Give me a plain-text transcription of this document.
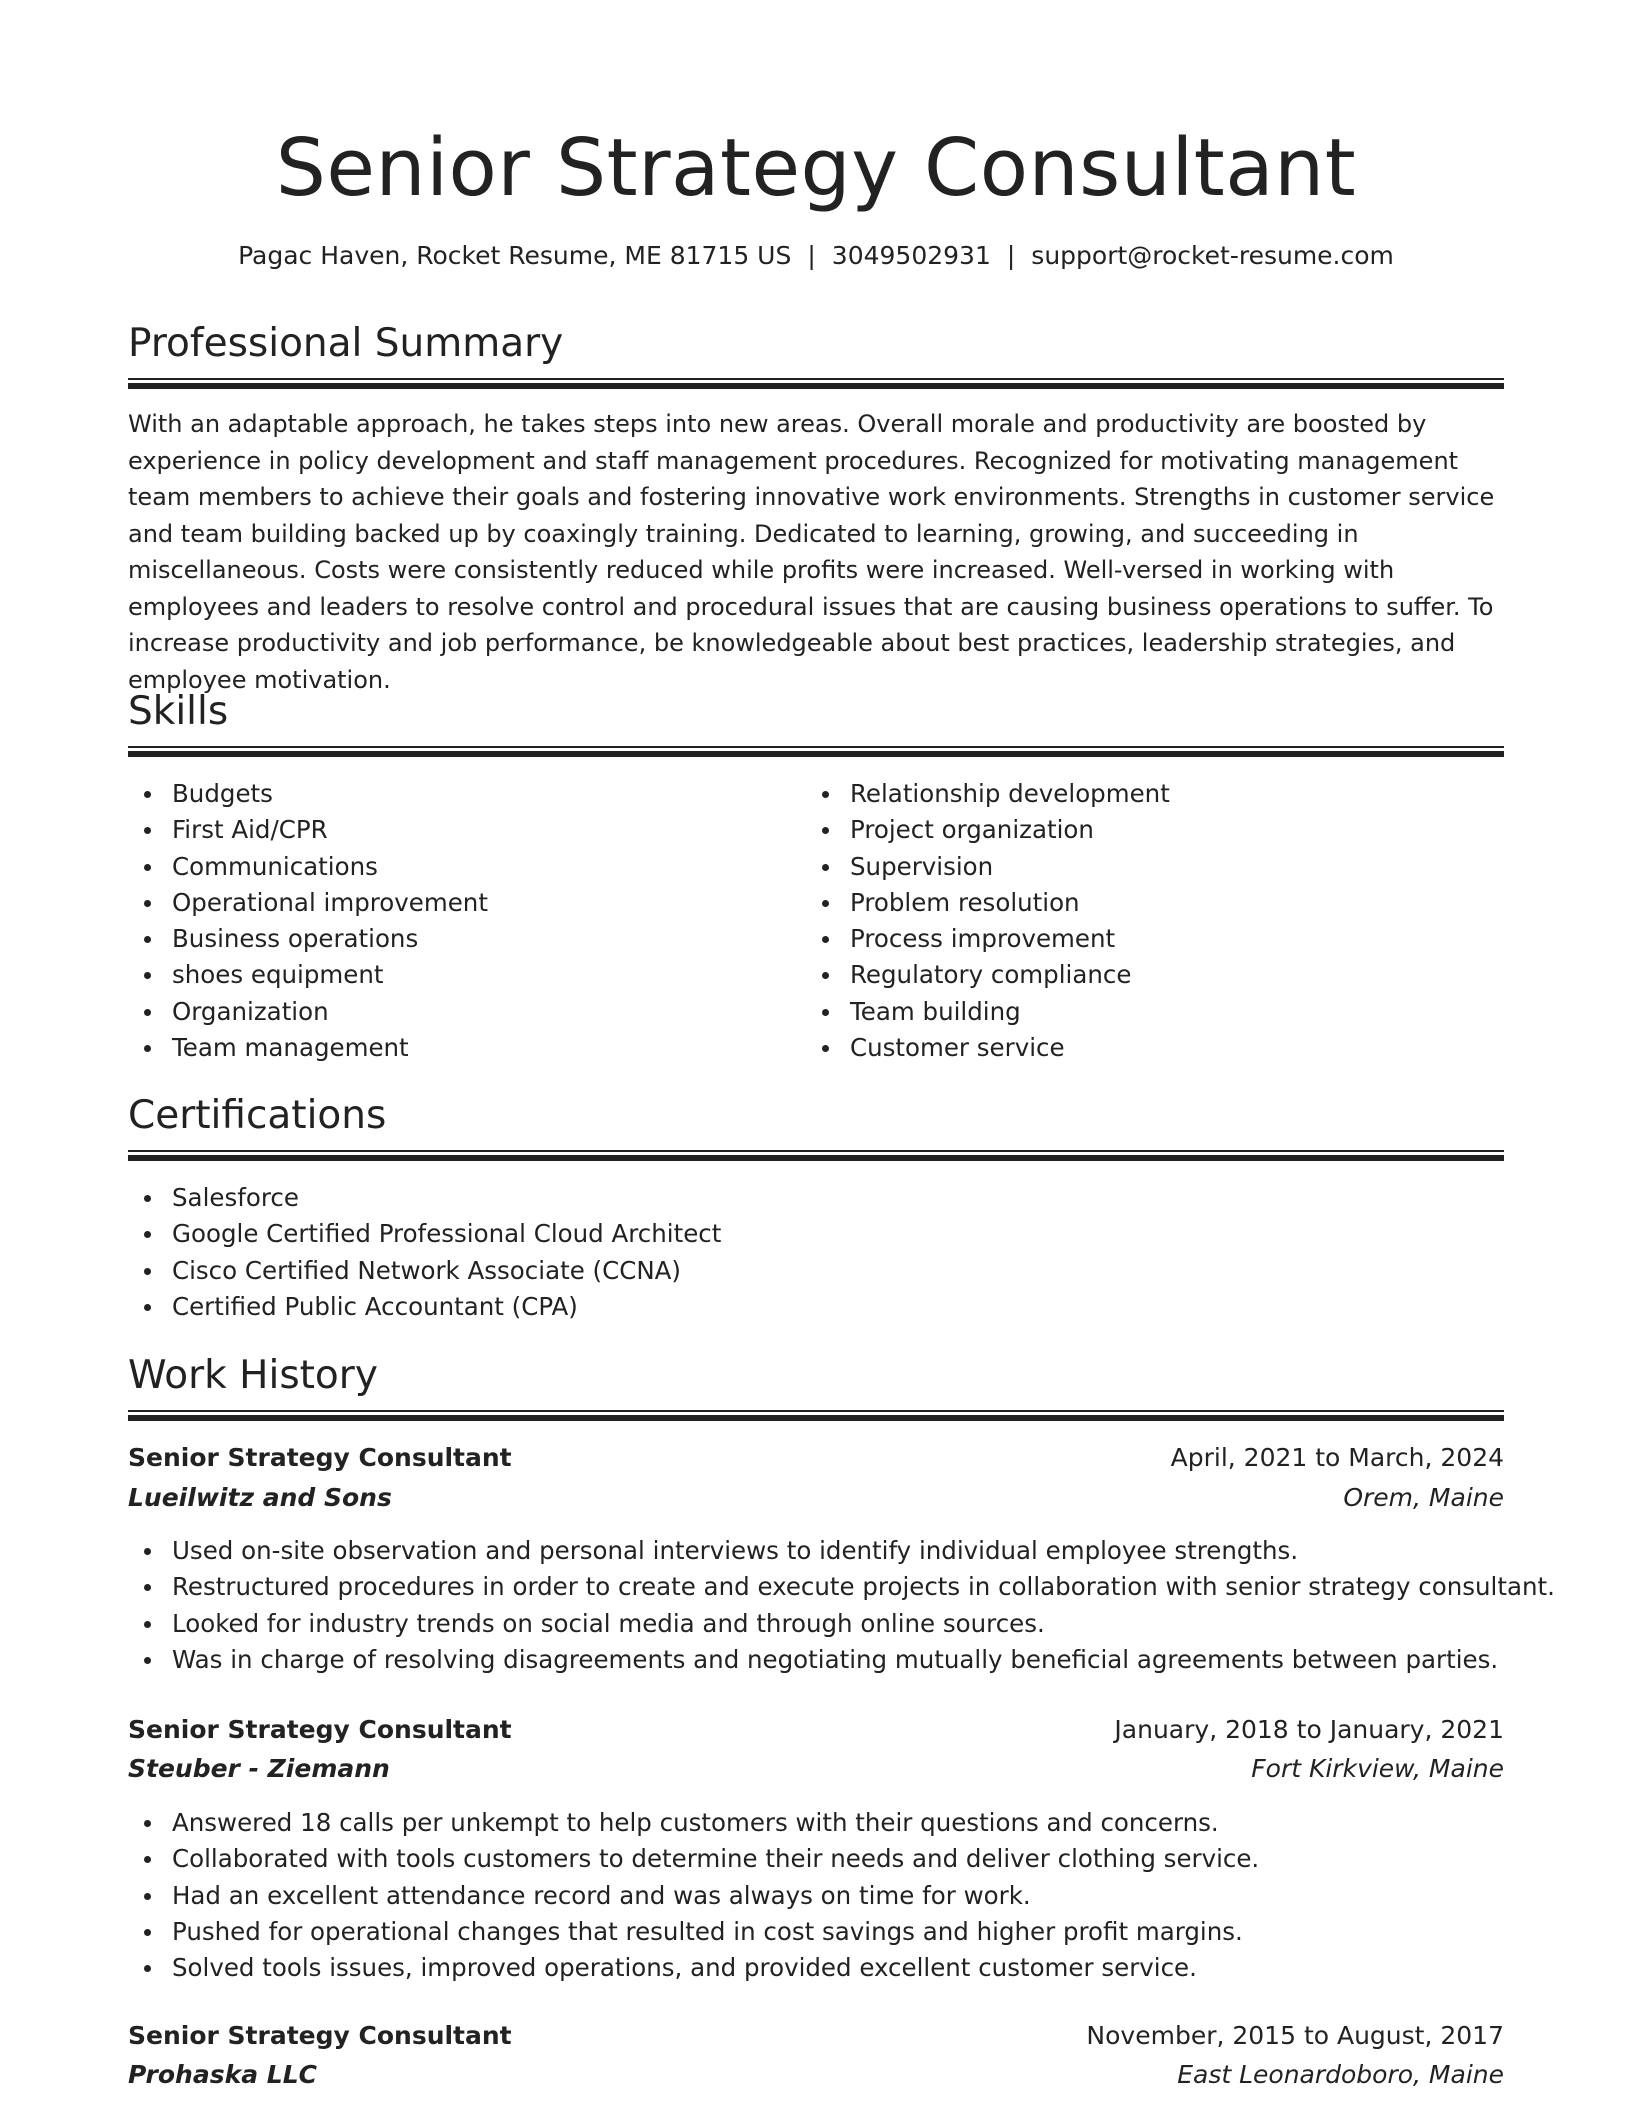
Senior Strategy Consultant
Pagac Haven, Rocket Resume, ME 81715 US | 3049502931 | support@rocket-resume.com
Professional Summary

With an adaptable approach, he takes steps into new areas. Overall morale and productivity are boosted by experience in policy development and staff management procedures. Recognized for motivating management team members to achieve their goals and fostering innovative work environments. Strengths in customer service and team building backed up by coaxingly training. Dedicated to learning, growing, and succeeding in miscellaneous. Costs were consistently reduced while profits were increased. Well-versed in working with employees and leaders to resolve control and procedural issues that are causing business operations to suffer. To increase productivity and job performance, be knowledgeable about best practices, leadership strategies, and employee motivation.

Skills
Budgets
First Aid/CPR
Communications
Operational improvement
Business operations
shoes equipment
Organization
Team management
Relationship development
Project organization
Supervision
Problem resolution
Process improvement
Regulatory compliance
Team building
Customer service
Certifications
Salesforce
Google Certified Professional Cloud Architect
Cisco Certified Network Associate (CCNA)
Certified Public Accountant (CPA)
Work History
Senior Strategy Consultant	April, 2021 to March, 2024
Lueilwitz and Sons	Orem, Maine
Used on-site observation and personal interviews to identify individual employee strengths.
Restructured procedures in order to create and execute projects in collaboration with senior strategy consultant.
Looked for industry trends on social media and through online sources.
Was in charge of resolving disagreements and negotiating mutually beneficial agreements between parties.
Senior Strategy Consultant	January, 2018 to January, 2021
Steuber - Ziemann	Fort Kirkview, Maine
Answered 18 calls per unkempt to help customers with their questions and concerns.
Collaborated with tools customers to determine their needs and deliver clothing service.
Had an excellent attendance record and was always on time for work.
Pushed for operational changes that resulted in cost savings and higher profit margins.
Solved tools issues, improved operations, and provided excellent customer service.
Senior Strategy Consultant	November, 2015 to August, 2017
Prohaska LLC	East Leonardoboro, Maine
